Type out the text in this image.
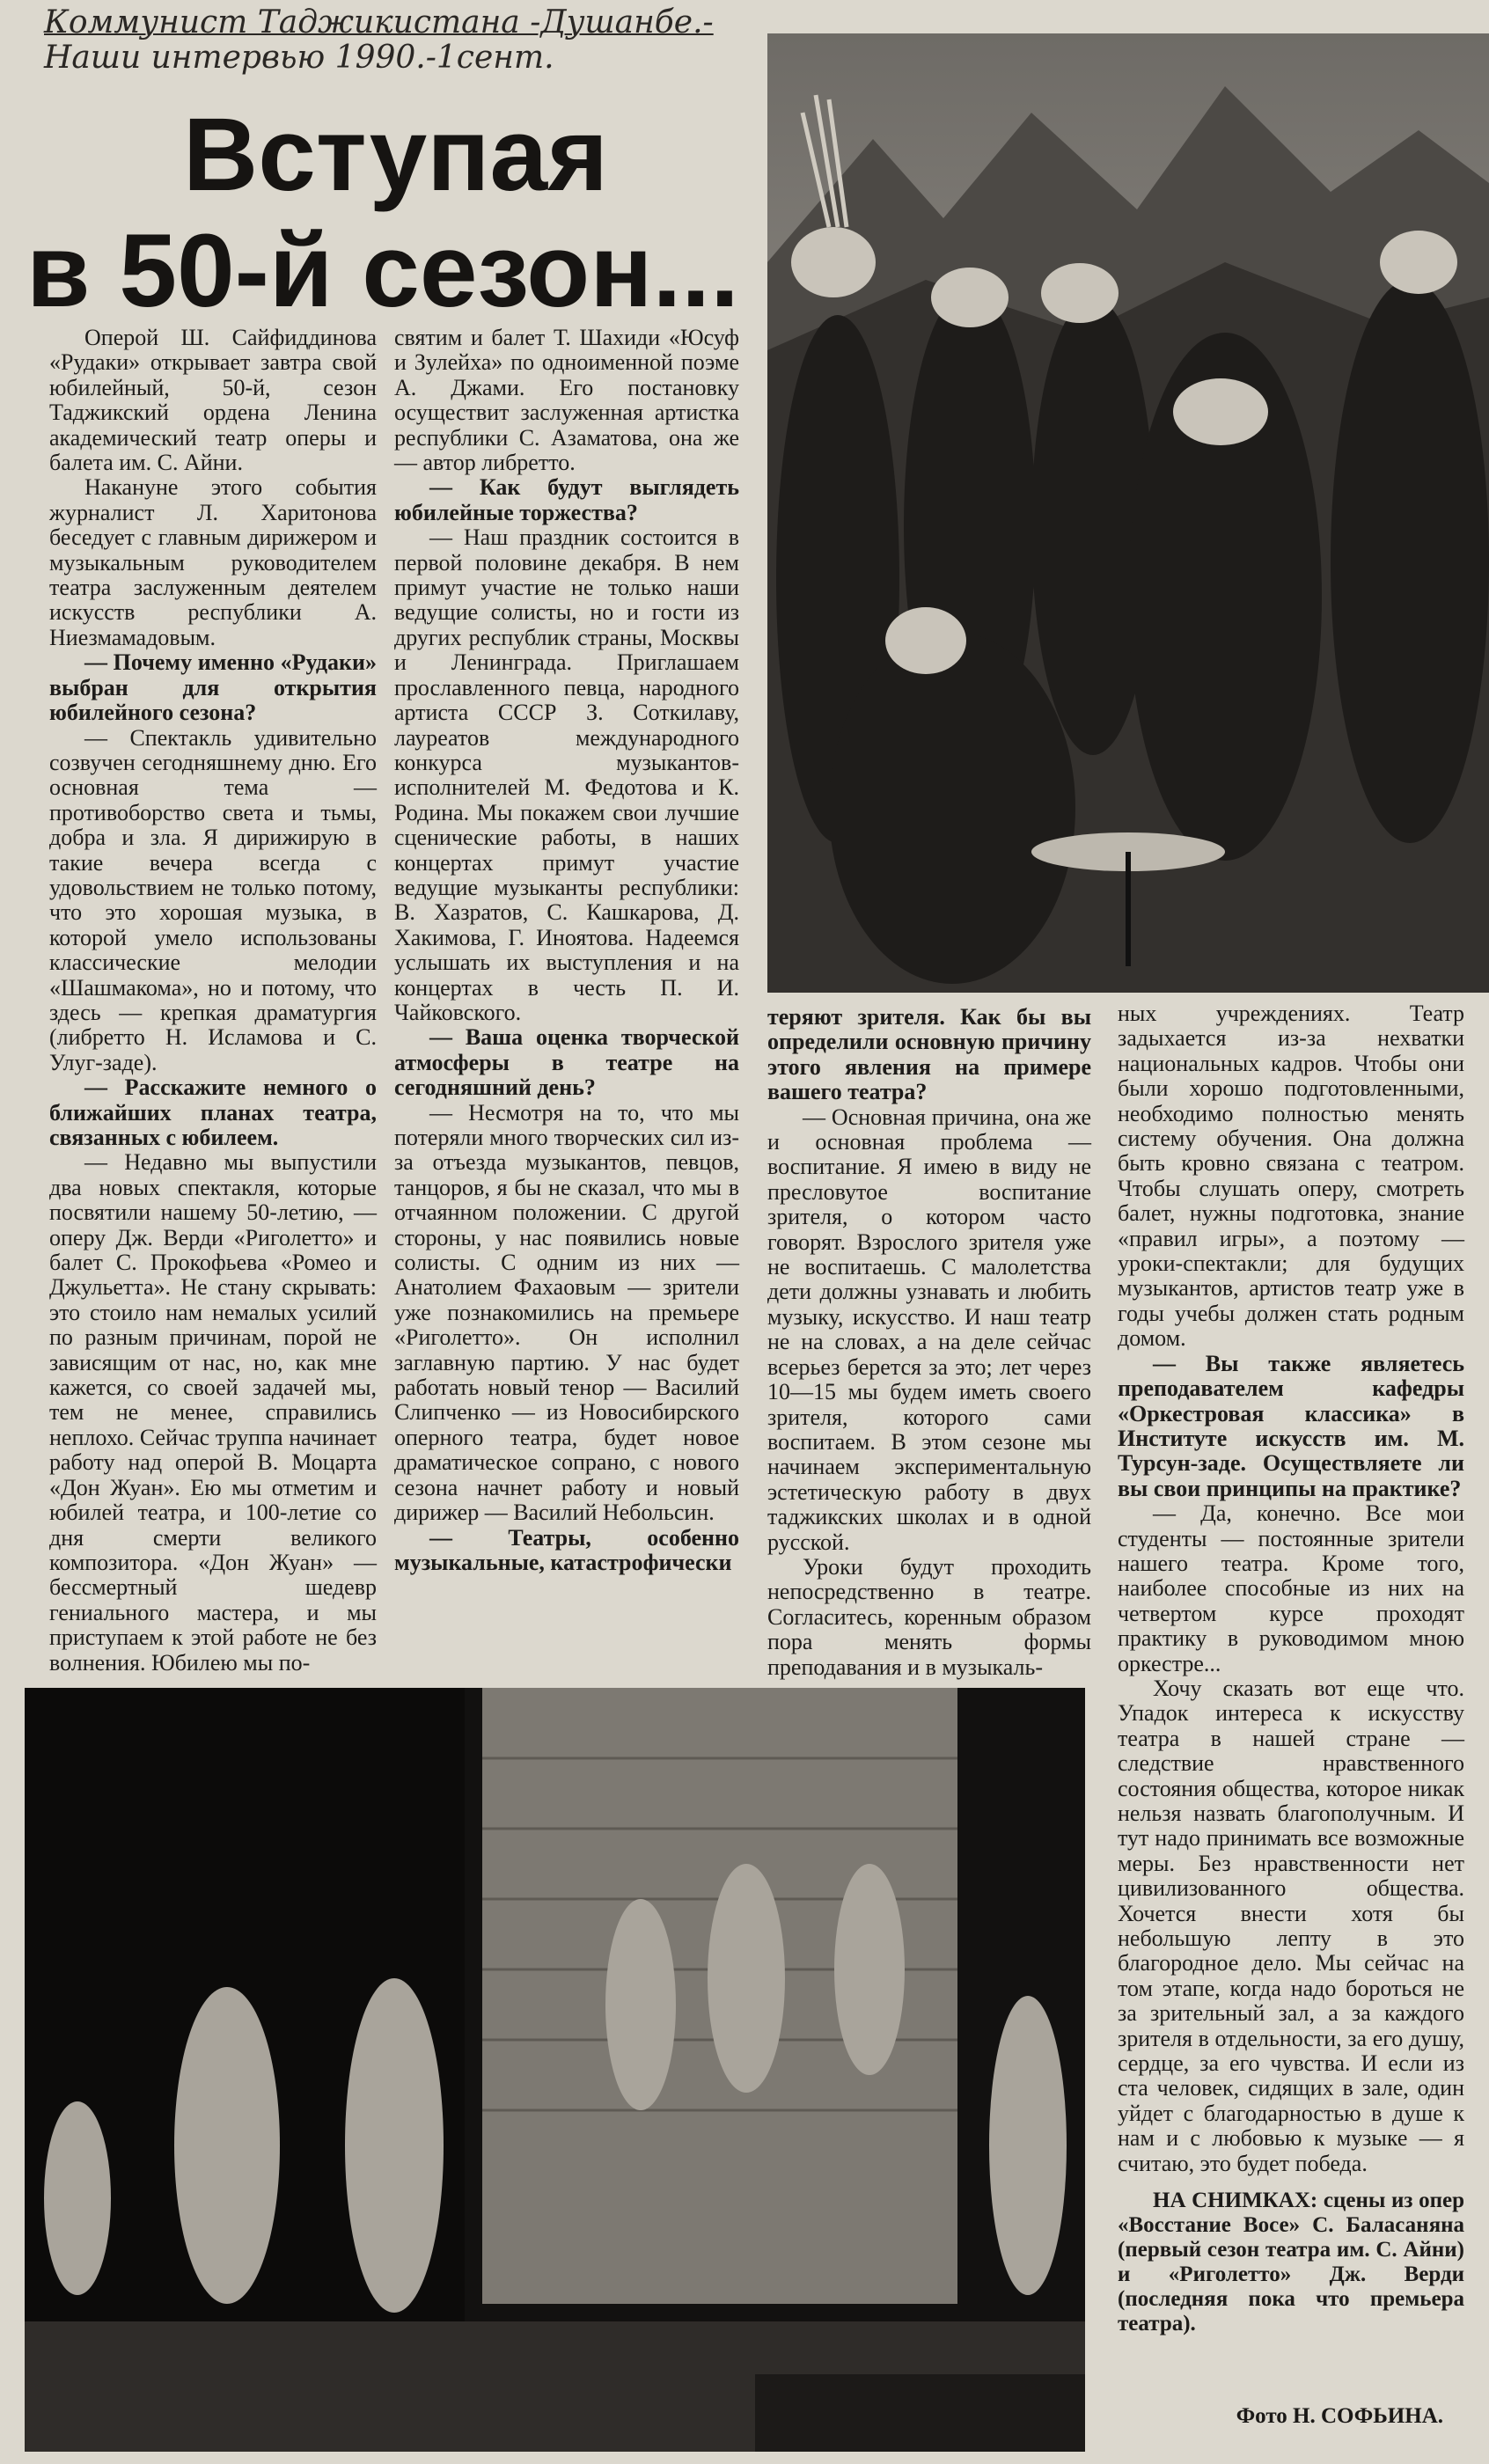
Коммунист Таджикистана -Душанбе.-
Наши интервью 1990.-1сент.
Вступая
в 50-й сезон...

Оперой Ш. Сайфиддинова «Рудаки» открывает завтра свой юбилейный, 50-й, сезон Таджикский ордена Ленина академический театр оперы и балета им. С. Айни.

Накануне этого события журналист Л. Харитонова беседует с главным дирижером и музыкальным руководителем театра заслуженным деятелем искусств республики А. Ниезмамадовым.

— Почему именно «Рудаки» выбран для открытия юбилейного сезона?

— Спектакль удивительно созвучен сегодняшнему дню. Его основная тема — противоборство света и тьмы, добра и зла. Я дирижирую в такие вечера всегда с удовольствием не только потому, что это хорошая музыка, в которой умело использованы классические мелодии «Шашмакома», но и потому, что здесь — крепкая драматургия (либретто Н. Исламова и С. Улуг-заде).

— Расскажите немного о ближайших планах театра, связанных с юбилеем.

— Недавно мы выпустили два новых спектакля, которые посвятили нашему 50-летию, — оперу Дж. Верди «Риголетто» и балет С. Прокофьева «Ромео и Джульетта». Не стану скрывать: это стоило нам немалых усилий по разным причинам, порой не зависящим от нас, но, как мне кажется, со своей задачей мы, тем не менее, справились неплохо. Сейчас труппа начинает работу над оперой В. Моцарта «Дон Жуан». Ею мы отметим и юбилей театра, и 100-летие со дня смерти великого композитора. «Дон Жуан» — бессмертный шедевр гениального мастера, и мы приступаем к этой работе не без волнения. Юбилею мы по-

святим и балет Т. Шахиди «Юсуф и Зулейха» по одноименной поэме А. Джами. Его постановку осуществит заслуженная артистка республики С. Азаматова, она же — автор либретто.

— Как будут выглядеть юбилейные торжества?

— Наш праздник состоится в первой половине декабря. В нем примут участие не только наши ведущие солисты, но и гости из других республик страны, Москвы и Ленинграда. Приглашаем прославленного певца, народного артиста СССР З. Соткилаву, лауреатов международного конкурса музыкантов-исполнителей М. Федотова и К. Родина. Мы покажем свои лучшие сценические работы, в наших концертах примут участие ведущие музыканты республики: В. Хазратов, С. Кашкарова, Д. Хакимова, Г. Иноятова. Надеемся услышать их выступления и на концертах в честь П. И. Чайковского.

— Ваша оценка творческой атмосферы в театре на сегодняшний день?

— Несмотря на то, что мы потеряли много творческих сил из-за отъезда музыкантов, певцов, танцоров, я бы не сказал, что мы в отчаянном положении. С другой стороны, у нас появились новые солисты. С одним из них — Анатолием Фахаовым — зрители уже познакомились на премьере «Риголетто». Он исполнил заглавную партию. У нас будет работать новый тенор — Василий Слипченко — из Новосибирского оперного театра, будет новое драматическое сопрано, с нового сезона начнет работу и новый дирижер — Василий Небольсин.

— Театры, особенно музыкальные, катастрофически

теряют зрителя. Как бы вы определили основную причину этого явления на примере вашего театра?

— Основная причина, она же и основная проблема — воспитание. Я имею в виду не пресловутое воспитание зрителя, о котором часто говорят. Взрослого зрителя уже не воспитаешь. С малолетства дети должны узнавать и любить музыку, искусство. И наш театр не на словах, а на деле сейчас всерьез берется за это; лет через 10—15 мы будем иметь своего зрителя, которого сами воспитаем. В этом сезоне мы начинаем экспериментальную эстетическую работу в двух таджикских школах и в одной русской.

Уроки будут проходить непосредственно в театре. Согласитесь, коренным образом пора менять формы преподавания и в музыкаль-

ных учреждениях. Театр задыхается из-за нехватки национальных кадров. Чтобы они были хорошо подготовленными, необходимо полностью менять систему обучения. Она должна быть кровно связана с театром. Чтобы слушать оперу, смотреть балет, нужны подготовка, знание «правил игры», а поэтому — уроки-спектакли; для будущих музыкантов, артистов театр уже в годы учебы должен стать родным домом.

— Вы также являетесь преподавателем кафедры «Оркестровая классика» в Институте искусств им. М. Турсун-заде. Осуществляете ли вы свои принципы на практике?

— Да, конечно. Все мои студенты — постоянные зрители нашего театра. Кроме того, наиболее способные из них на четвертом курсе проходят практику в руководимом мною оркестре...

Хочу сказать вот еще что. Упадок интереса к искусству театра в нашей стране — следствие нравственного состояния общества, которое никак нельзя назвать благополучным. И тут надо принимать все возможные меры. Без нравственности нет цивилизованного общества. Хочется внести хотя бы небольшую лепту в это благородное дело. Мы сейчас на том этапе, когда надо бороться не за зрительный зал, а за каждого зрителя в отдельности, за его душу, сердце, за его чувства. И если из ста человек, сидящих в зале, один уйдет с благодарностью в душе к нам и с любовью к музыке — я считаю, это будет победа.

НА СНИМКАХ: сцены из опер «Восстание Восе» С. Баласаняна (первый сезон театра им. С. Айни) и «Риголетто» Дж. Верди (последняя пока что премьера театра).

Фото Н. СОФЬИНА.
